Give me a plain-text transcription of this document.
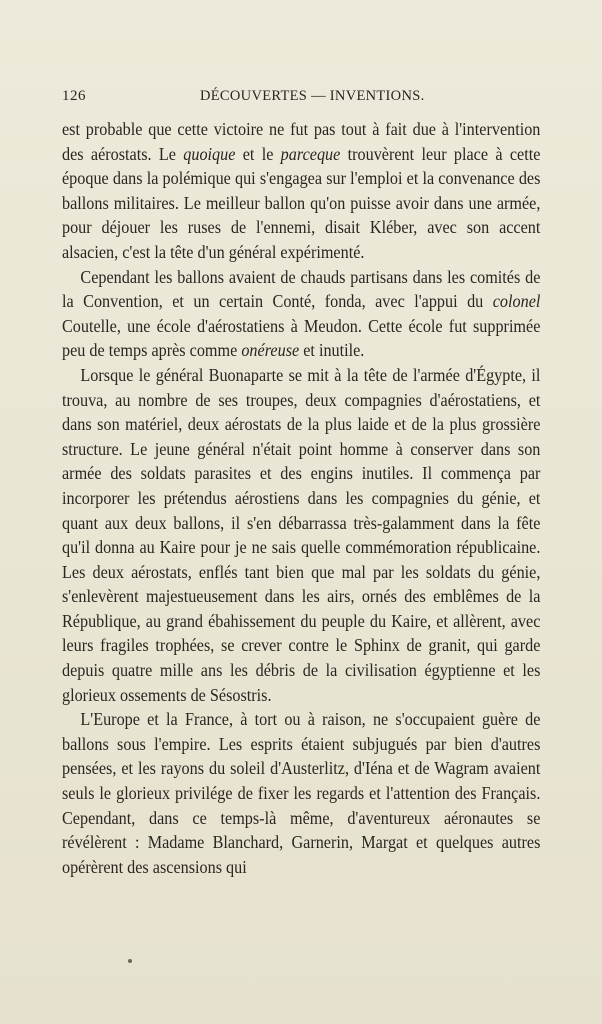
126	DÉCOUVERTES — INVENTIONS.

est probable que cette victoire ne fut pas tout à fait due à l'intervention des aérostats. Le quoique et le parceque trouvèrent leur place à cette époque dans la polémique qui s'engagea sur l'emploi et la convenance des ballons militaires. Le meilleur ballon qu'on puisse avoir dans une armée, pour déjouer les ruses de l'ennemi, disait Kléber, avec son accent alsacien, c'est la tête d'un général expérimenté.

Cependant les ballons avaient de chauds partisans dans les comités de la Convention, et un certain Conté, fonda, avec l'appui du colonel Coutelle, une école d'aérostatiens à Meudon. Cette école fut supprimée peu de temps après comme onéreuse et inutile.

Lorsque le général Buonaparte se mit à la tête de l'armée d'Égypte, il trouva, au nombre de ses troupes, deux compagnies d'aérostatiens, et dans son matériel, deux aérostats de la plus laide et de la plus grossière structure. Le jeune général n'était point homme à conserver dans son armée des soldats parasites et des engins inutiles. Il commença par incorporer les prétendus aérostiens dans les compagnies du génie, et quant aux deux ballons, il s'en débarrassa très-galamment dans la fête qu'il donna au Kaire pour je ne sais quelle commémoration républicaine. Les deux aérostats, enflés tant bien que mal par les soldats du génie, s'enlevèrent majestueusement dans les airs, ornés des emblêmes de la République, au grand ébahissement du peuple du Kaire, et allèrent, avec leurs fragiles trophées, se crever contre le Sphinx de granit, qui garde depuis quatre mille ans les débris de la civilisation égyptienne et les glorieux ossements de Sésostris.

L'Europe et la France, à tort ou à raison, ne s'occupaient guère de ballons sous l'empire. Les esprits étaient subjugués par bien d'autres pensées, et les rayons du soleil d'Austerlitz, d'Iéna et de Wagram avaient seuls le glorieux privilége de fixer les regards et l'attention des Français. Cependant, dans ce temps-là même, d'aventureux aéronautes se révélèrent : Madame Blanchard, Garnerin, Margat et quelques autres opérèrent des ascensions qui
